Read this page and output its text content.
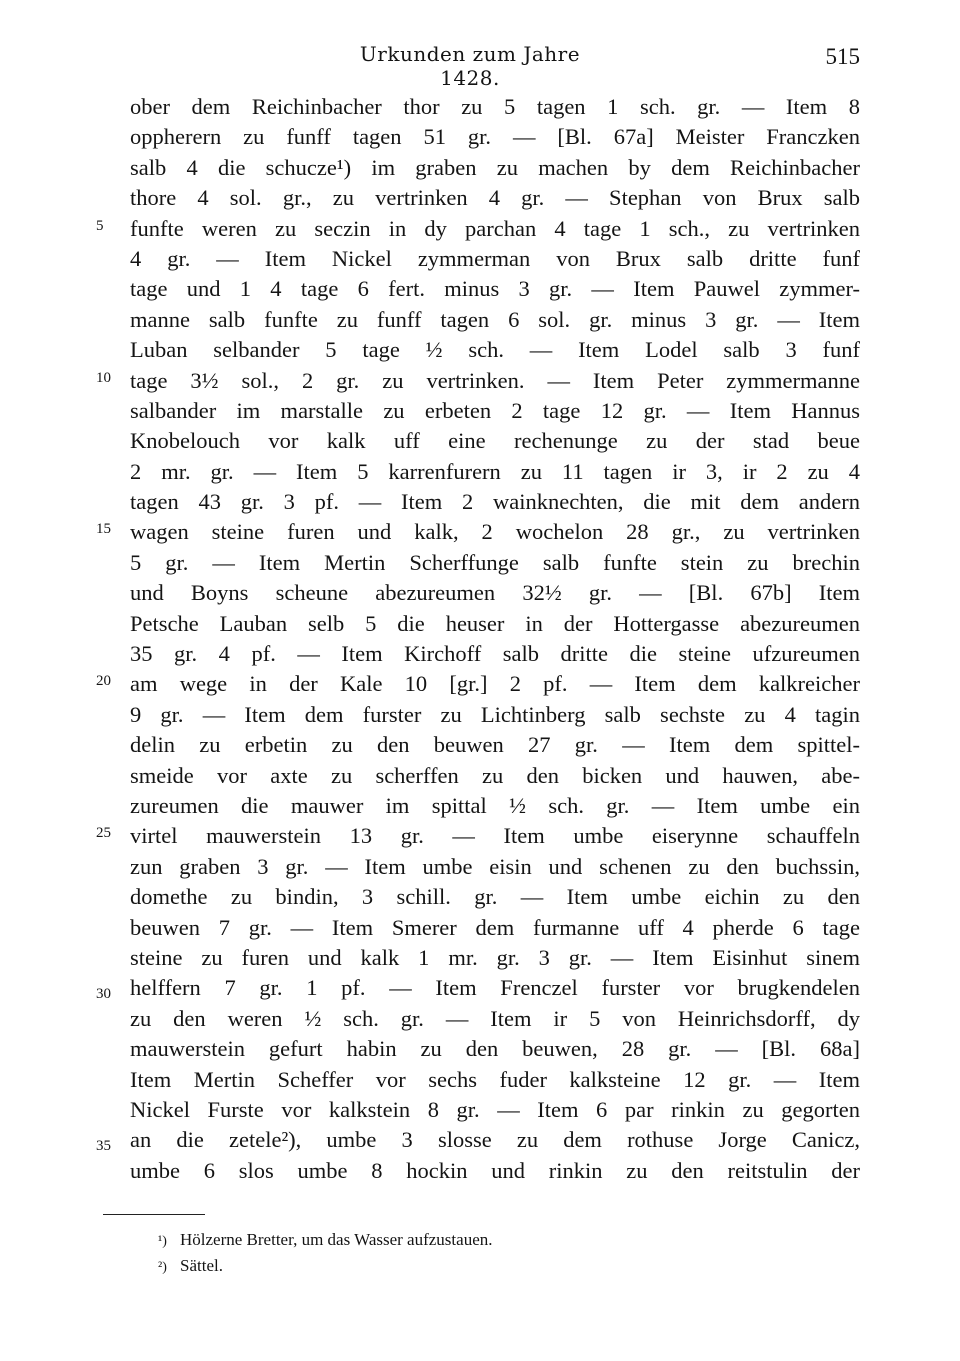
Urkunden zum Jahre 1428.
515
ober dem Reichinbacher thor zu 5 tagen 1 sch. gr. — Item 8
oppherern zu funff tagen 51 gr. — [Bl. 67a] Meister Franczken
salb 4 die schucze¹) im graben zu machen by dem Reichinbacher
thore 4 sol. gr., zu vertrinken 4 gr. — Stephan von Brux salb
5	funfte weren zu seczin in dy parchan 4 tage 1 sch., zu vertrinken
4 gr. — Item Nickel zymmerman von Brux salb dritte funf
tage und 1 4 tage 6 fert. minus 3 gr. — Item Pauwel zymmer-
manne salb funfte zu funff tagen 6 sol. gr. minus 3 gr. — Item
Luban selbander 5 tage ½ sch. — Item Lodel salb 3 funf
10 tage 3½ sol., 2 gr. zu vertrinken. — Item Peter zymmermanne
salbander im marstalle zu erbeten 2 tage 12 gr. — Item Hannus
Knobelouch vor kalk uff eine rechenunge zu der stad beue
2 mr. gr. — Item 5 karrenfurern zu 11 tagen ir 3, ir 2 zu 4
tagen 43 gr. 3 pf. — Item 2 wainknechten, die mit dem andern
15 wagen steine furen und kalk, 2 wochelon 28 gr., zu vertrinken
5 gr. — Item Mertin Scherffunge salb funfte stein zu brechin
und Boyns scheune abezureumen 32½ gr. — [Bl. 67b] Item
Petsche Lauban selb 5 die heuser in der Hottergasse abezureumen
35 gr. 4 pf. — Item Kirchoff salb dritte die steine ufzureumen
20 am wege in der Kale 10 [gr.] 2 pf. — Item dem kalkreicher
9 gr. — Item dem furster zu Lichtinberg salb sechste zu 4 tagin
delin zu erbetin zu den beuwen 27 gr. — Item dem spittel-
smeide vor axte zu scherffen zu den bicken und hauwen, abe-
zureumen die mauwer im spittal ½ sch. gr. — Item umbe ein
25 virtel mauwerstein 13 gr. — Item umbe eiserynne schauffeln
zun graben 3 gr. — Item umbe eisin und schenen zu den buchssin,
domethe zu bindin, 3 schill. gr. — Item umbe eichin zu den
beuwen 7 gr. — Item Smerer dem furmanne uff 4 pherde 6 tage
steine zu furen und kalk 1 mr. gr. 3 gr. — Item Eisinhut sinem
30 helffern 7 gr. 1 pf. — Item Frenczel furster vor brugkendelen
zu den weren ½ sch. gr. — Item ir 5 von Heinrichsdorff, dy
mauwerstein gefurt habin zu den beuwen, 28 gr. — [Bl. 68a]
Item Mertin Scheffer vor sechs fuder kalksteine 12 gr. — Item
Nickel Furste vor kalkstein 8 gr. — Item 6 par rinkin zu gegorten
35 an die zetele²), umbe 3 slosse zu dem rothuse Jorge Canicz,
umbe 6 slos umbe 8 hockin und rinkin zu den reitstulin der
¹) Hölzerne Bretter, um das Wasser aufzustauen.
²) Sättel.
